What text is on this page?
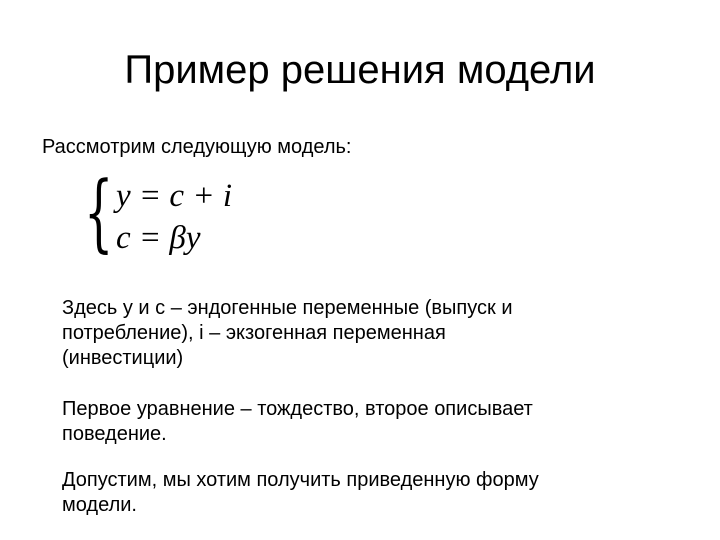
Пример решения модели
Рассмотрим следующую модель:
{ y = c + i
c = βy
Здесь y и c – эндогенные переменные (выпуск и
потребление), i – экзогенная переменная
(инвестиции)
Первое уравнение – тождество, второе описывает
поведение.
Допустим, мы хотим получить приведенную форму
модели.
